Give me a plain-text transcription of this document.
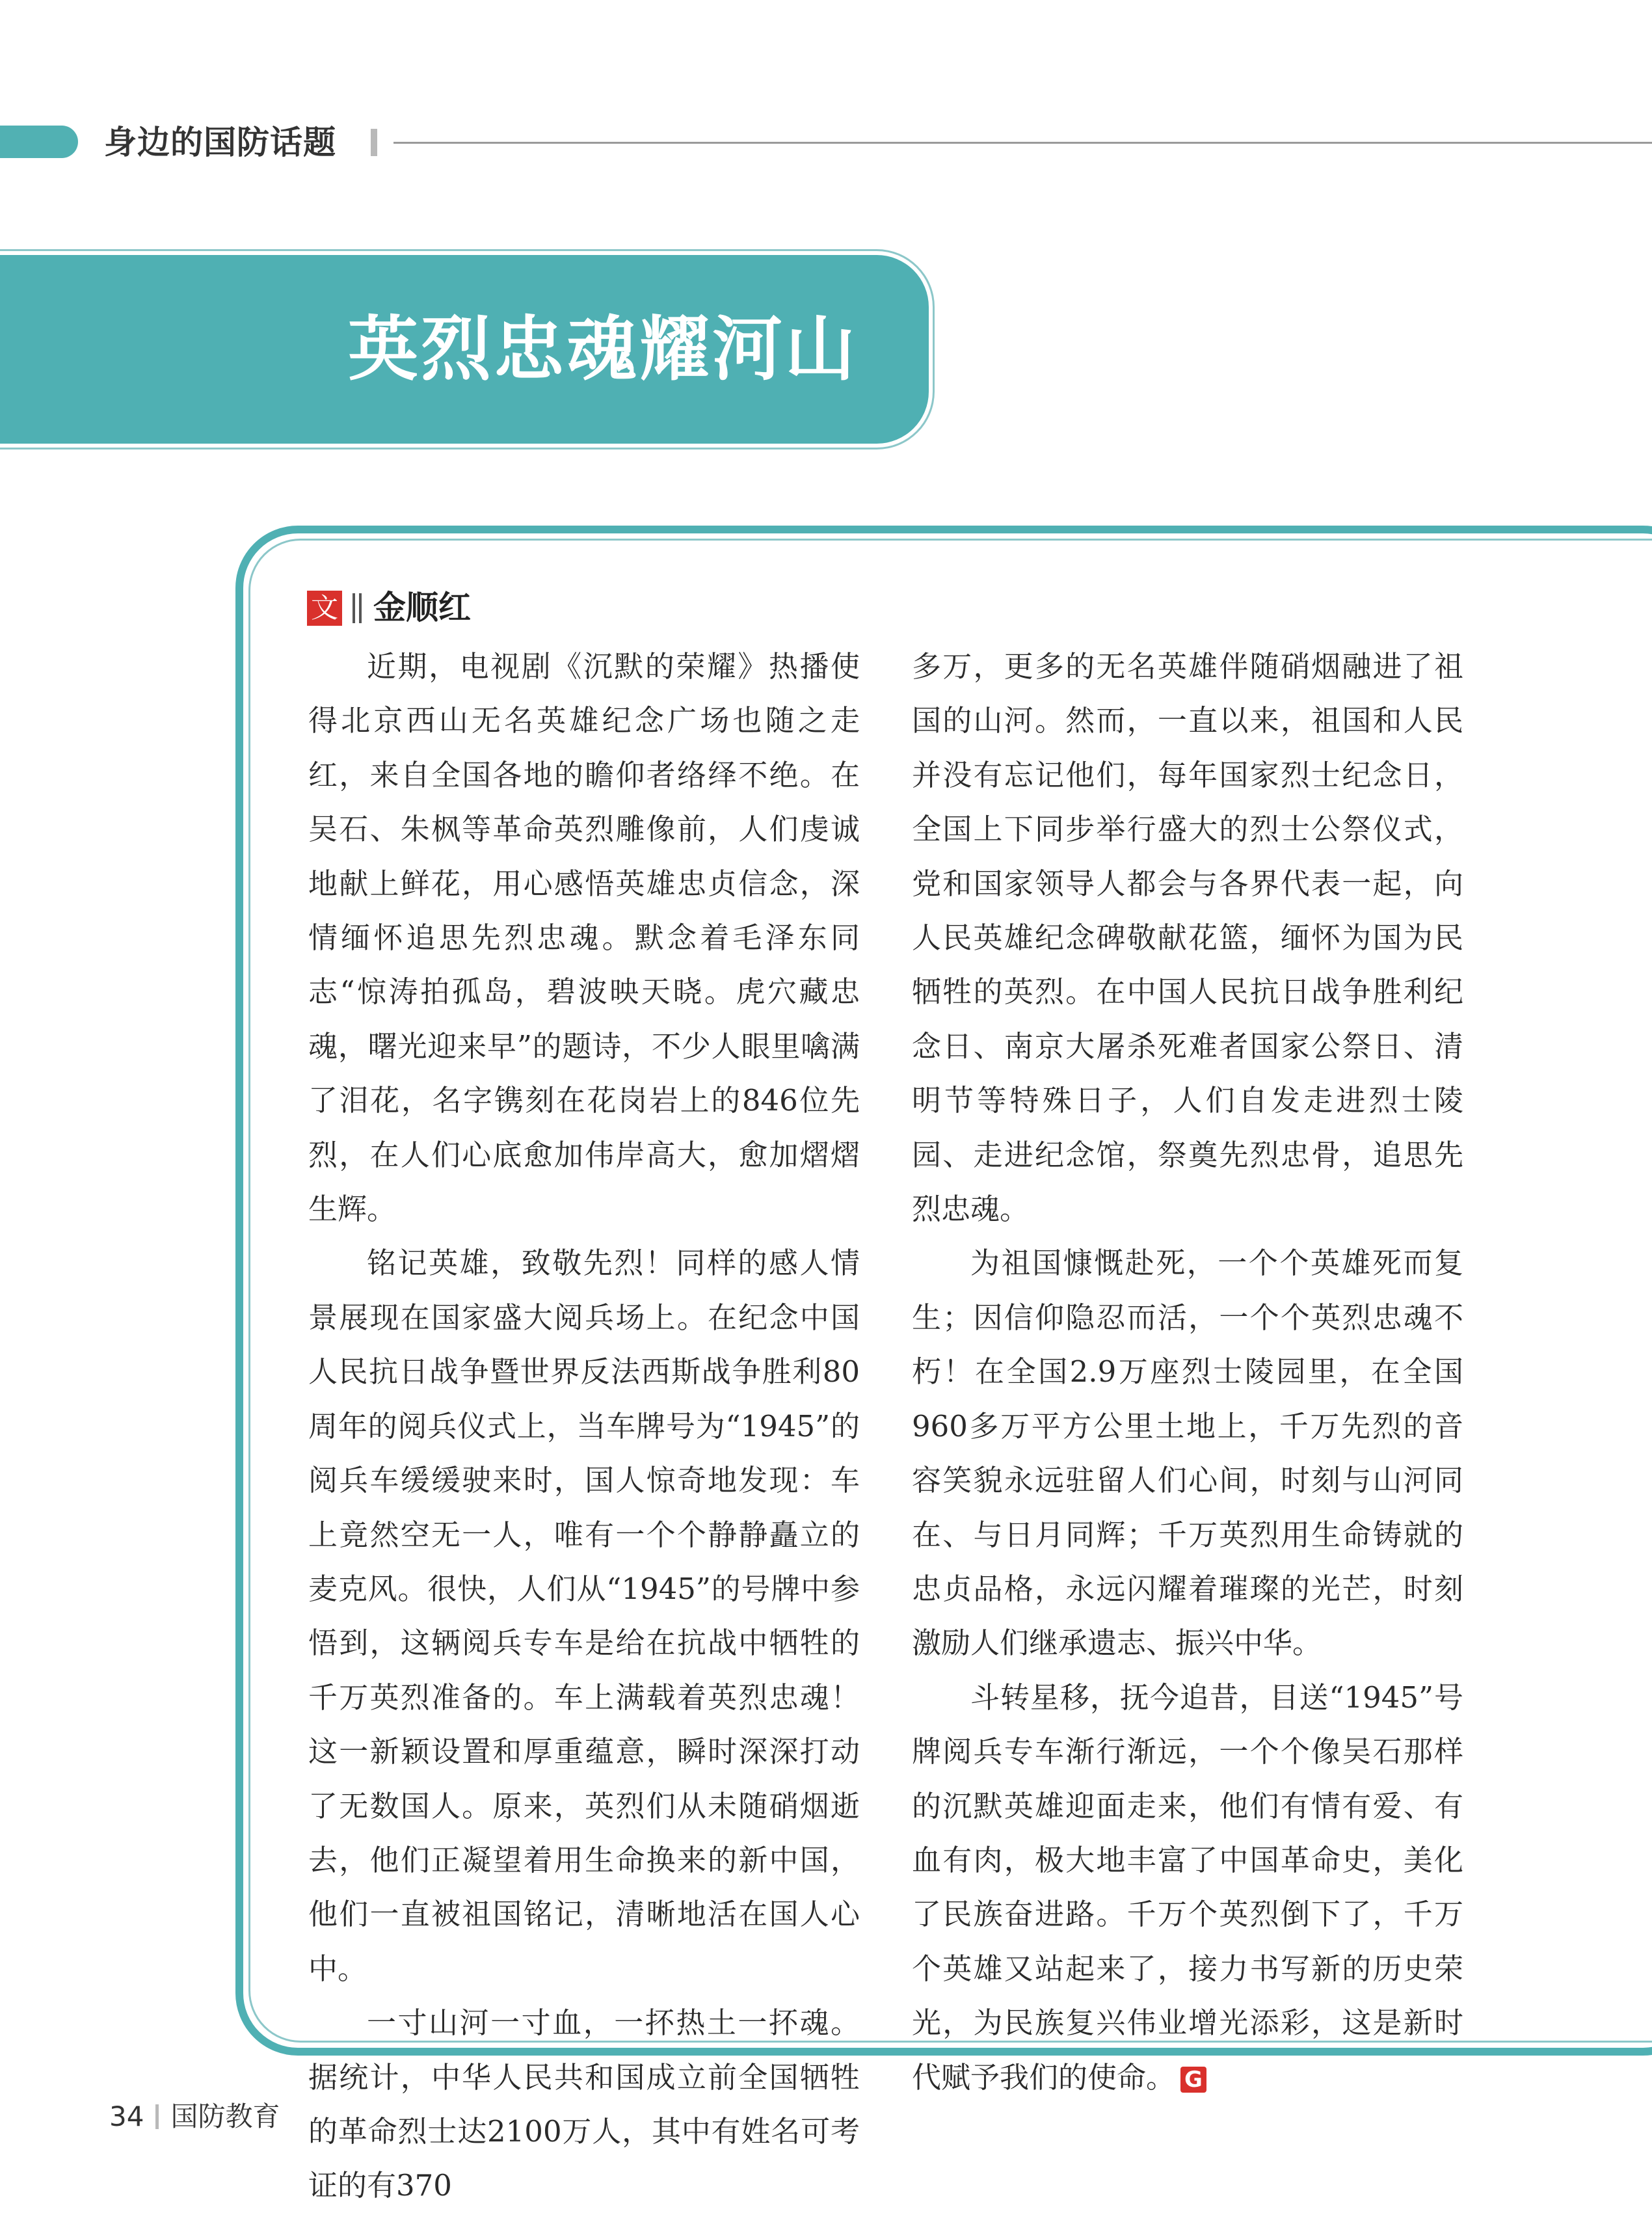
身边的国防话题
英烈忠魂耀河山
文 金顺红

近期，电视剧《沉默的荣耀》热播使得北京西山无名英雄纪念广场也随之走红，来自全国各地的瞻仰者络绎不绝。在吴石、朱枫等革命英烈雕像前，人们虔诚地献上鲜花，用心感悟英雄忠贞信念，深情缅怀追思先烈忠魂。默念着毛泽东同志“惊涛拍孤岛，碧波映天晓。虎穴藏忠魂，曙光迎来早”的题诗，不少人眼里噙满了泪花，名字镌刻在花岗岩上的846位先烈，在人们心底愈加伟岸高大，愈加熠熠生辉。

铭记英雄，致敬先烈！同样的感人情景展现在国家盛大阅兵场上。在纪念中国人民抗日战争暨世界反法西斯战争胜利80周年的阅兵仪式上，当车牌号为“1945”的阅兵车缓缓驶来时，国人惊奇地发现：车上竟然空无一人，唯有一个个静静矗立的麦克风。很快，人们从“1945”的号牌中参悟到，这辆阅兵专车是给在抗战中牺牲的千万英烈准备的。车上满载着英烈忠魂！这一新颖设置和厚重蕴意，瞬时深深打动了无数国人。原来，英烈们从未随硝烟逝去，他们正凝望着用生命换来的新中国，他们一直被祖国铭记，清晰地活在国人心中。

一寸山河一寸血，一抔热土一抔魂。据统计，中华人民共和国成立前全国牺牲的革命烈士达2100万人，其中有姓名可考证的有370

多万，更多的无名英雄伴随硝烟融进了祖国的山河。然而，一直以来，祖国和人民并没有忘记他们，每年国家烈士纪念日，全国上下同步举行盛大的烈士公祭仪式，党和国家领导人都会与各界代表一起，向人民英雄纪念碑敬献花篮，缅怀为国为民牺牲的英烈。在中国人民抗日战争胜利纪念日、南京大屠杀死难者国家公祭日、清明节等特殊日子，人们自发走进烈士陵园、走进纪念馆，祭奠先烈忠骨，追思先烈忠魂。

为祖国慷慨赴死，一个个英雄死而复生；因信仰隐忍而活，一个个英烈忠魂不朽！在全国2.9万座烈士陵园里，在全国960多万平方公里土地上，千万先烈的音容笑貌永远驻留人们心间，时刻与山河同在、与日月同辉；千万英烈用生命铸就的忠贞品格，永远闪耀着璀璨的光芒，时刻激励人们继承遗志、振兴中华。

斗转星移，抚今追昔，目送“1945”号牌阅兵专车渐行渐远，一个个像吴石那样的沉默英雄迎面走来，他们有情有爱、有血有肉，极大地丰富了中国革命史，美化了民族奋进路。千万个英烈倒下了，千万个英雄又站起来了，接力书写新的历史荣光，为民族复兴伟业增光添彩，这是新时代赋予我们的使命。 G

34 国防教育
